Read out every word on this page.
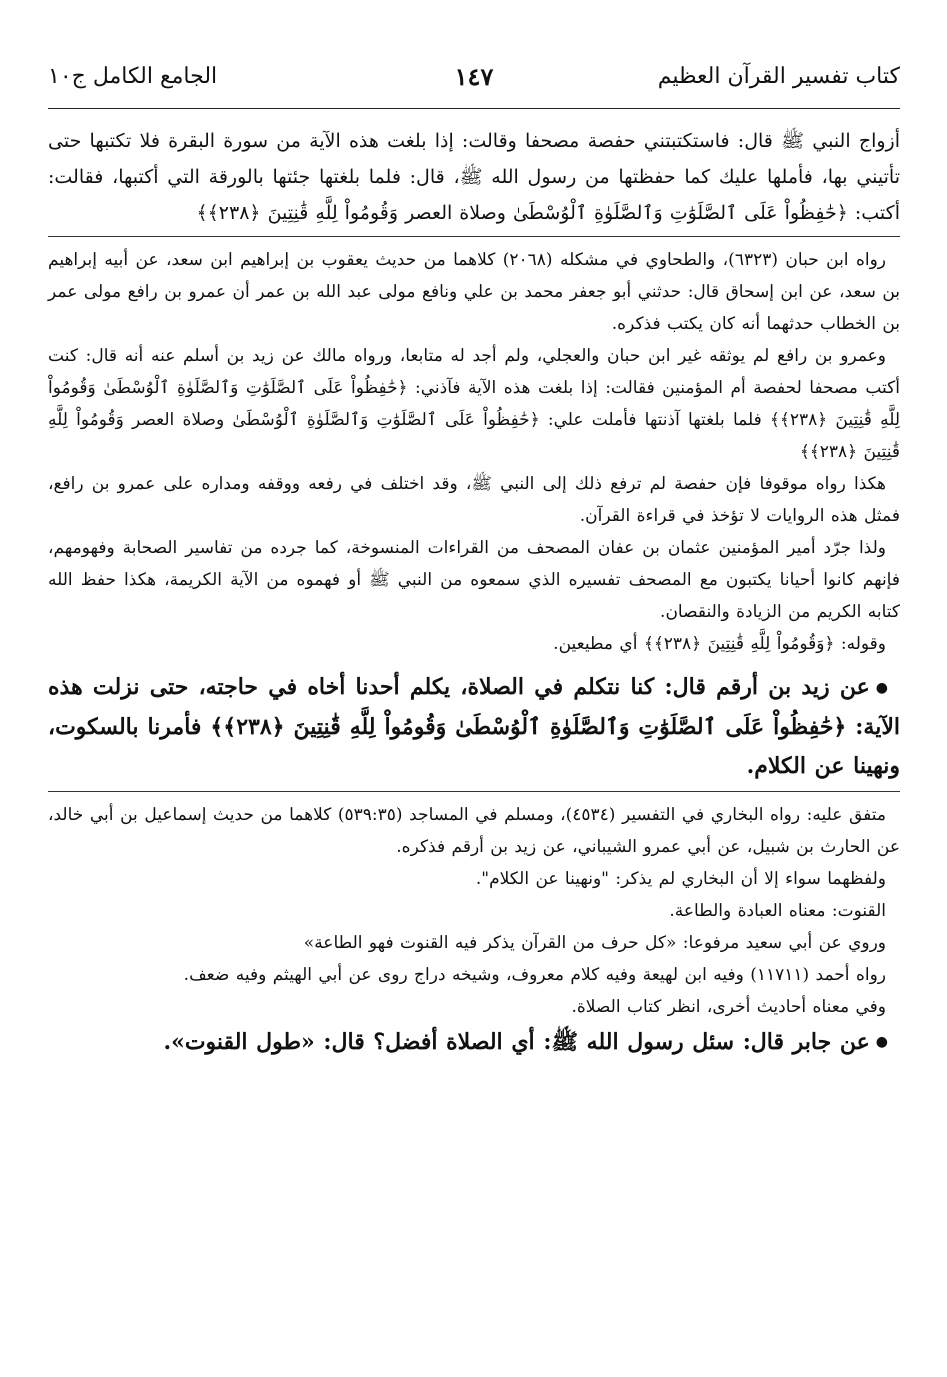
كتاب تفسير القرآن العظيم
١٤٧
الجامع الكامل ج١٠

أزواج النبي ﷺ قال: فاستكتبتني حفصة مصحفا وقالت: إذا بلغت هذه الآية من سورة البقرة فلا تكتبها حتى تأتيني بها، فأملها عليك كما حفظتها من رسول الله ﷺ، قال: فلما بلغتها جئتها بالورقة التي أكتبها، فقالت: أكتب: ﴿حَٰفِظُواْ عَلَى ٱلصَّلَوَٰتِ وَٱلصَّلَوٰةِ ٱلْوُسْطَىٰ وصلاة العصر وَقُومُواْ لِلَّهِ قَٰنِتِينَ ﴿٢٣٨﴾﴾

رواه ابن حبان (٦٣٢٣)، والطحاوي في مشكله (٢٠٦٨) كلاهما من حديث يعقوب بن إبراهيم ابن سعد، عن أبيه إبراهيم بن سعد، عن ابن إسحاق قال: حدثني أبو جعفر محمد بن علي ونافع مولى عبد الله بن عمر أن عمرو بن رافع مولى عمر بن الخطاب حدثهما أنه كان يكتب فذكره.

وعمرو بن رافع لم يوثقه غير ابن حبان والعجلي، ولم أجد له متابعا، ورواه مالك عن زيد بن أسلم عنه أنه قال: كنت أكتب مصحفا لحفصة أم المؤمنين فقالت: إذا بلغت هذه الآية فآذني: ﴿حَٰفِظُواْ عَلَى ٱلصَّلَوَٰتِ وَٱلصَّلَوٰةِ ٱلْوُسْطَىٰ وَقُومُواْ لِلَّهِ قَٰنِتِينَ ﴿٢٣٨﴾﴾ فلما بلغتها آذنتها فأملت علي: ﴿حَٰفِظُواْ عَلَى ٱلصَّلَوَٰتِ وَٱلصَّلَوٰةِ ٱلْوُسْطَىٰ وصلاة العصر وَقُومُواْ لِلَّهِ قَٰنِتِينَ ﴿٢٣٨﴾﴾

هكذا رواه موقوفا فإن حفصة لم ترفع ذلك إلى النبي ﷺ، وقد اختلف في رفعه ووقفه ومداره على عمرو بن رافع، فمثل هذه الروايات لا تؤخذ في قراءة القرآن.

ولذا جرّد أمير المؤمنين عثمان بن عفان المصحف من القراءات المنسوخة، كما جرده من تفاسير الصحابة وفهومهم، فإنهم كانوا أحيانا يكتبون مع المصحف تفسيره الذي سمعوه من النبي ﷺ أو فهموه من الآية الكريمة، هكذا حفظ الله كتابه الكريم من الزيادة والنقصان.

وقوله: ﴿وَقُومُواْ لِلَّهِ قَٰنِتِينَ ﴿٢٣٨﴾﴾ أي مطيعين.

●عن زيد بن أرقم قال: كنا نتكلم في الصلاة، يكلم أحدنا أخاه في حاجته، حتى نزلت هذه الآية: ﴿حَٰفِظُواْ عَلَى ٱلصَّلَوَٰتِ وَٱلصَّلَوٰةِ ٱلْوُسْطَىٰ وَقُومُواْ لِلَّهِ قَٰنِتِينَ ﴿٢٣٨﴾﴾ فأمرنا بالسكوت، ونهينا عن الكلام.

متفق عليه: رواه البخاري في التفسير (٤٥٣٤)، ومسلم في المساجد (٥٣٩:٣٥) كلاهما من حديث إسماعيل بن أبي خالد، عن الحارث بن شبيل، عن أبي عمرو الشيباني، عن زيد بن أرقم فذكره.

ولفظهما سواء إلا أن البخاري لم يذكر: "ونهينا عن الكلام".

القنوت: معناه العبادة والطاعة.

وروي عن أبي سعيد مرفوعا: «كل حرف من القرآن يذكر فيه القنوت فهو الطاعة»

رواه أحمد (١١٧١١) وفيه ابن لهيعة وفيه كلام معروف، وشيخه دراج روى عن أبي الهيثم وفيه ضعف.

وفي معناه أحاديث أخرى، انظر كتاب الصلاة.

●عن جابر قال: سئل رسول الله ﷺ: أي الصلاة أفضل؟ قال: «طول القنوت».
